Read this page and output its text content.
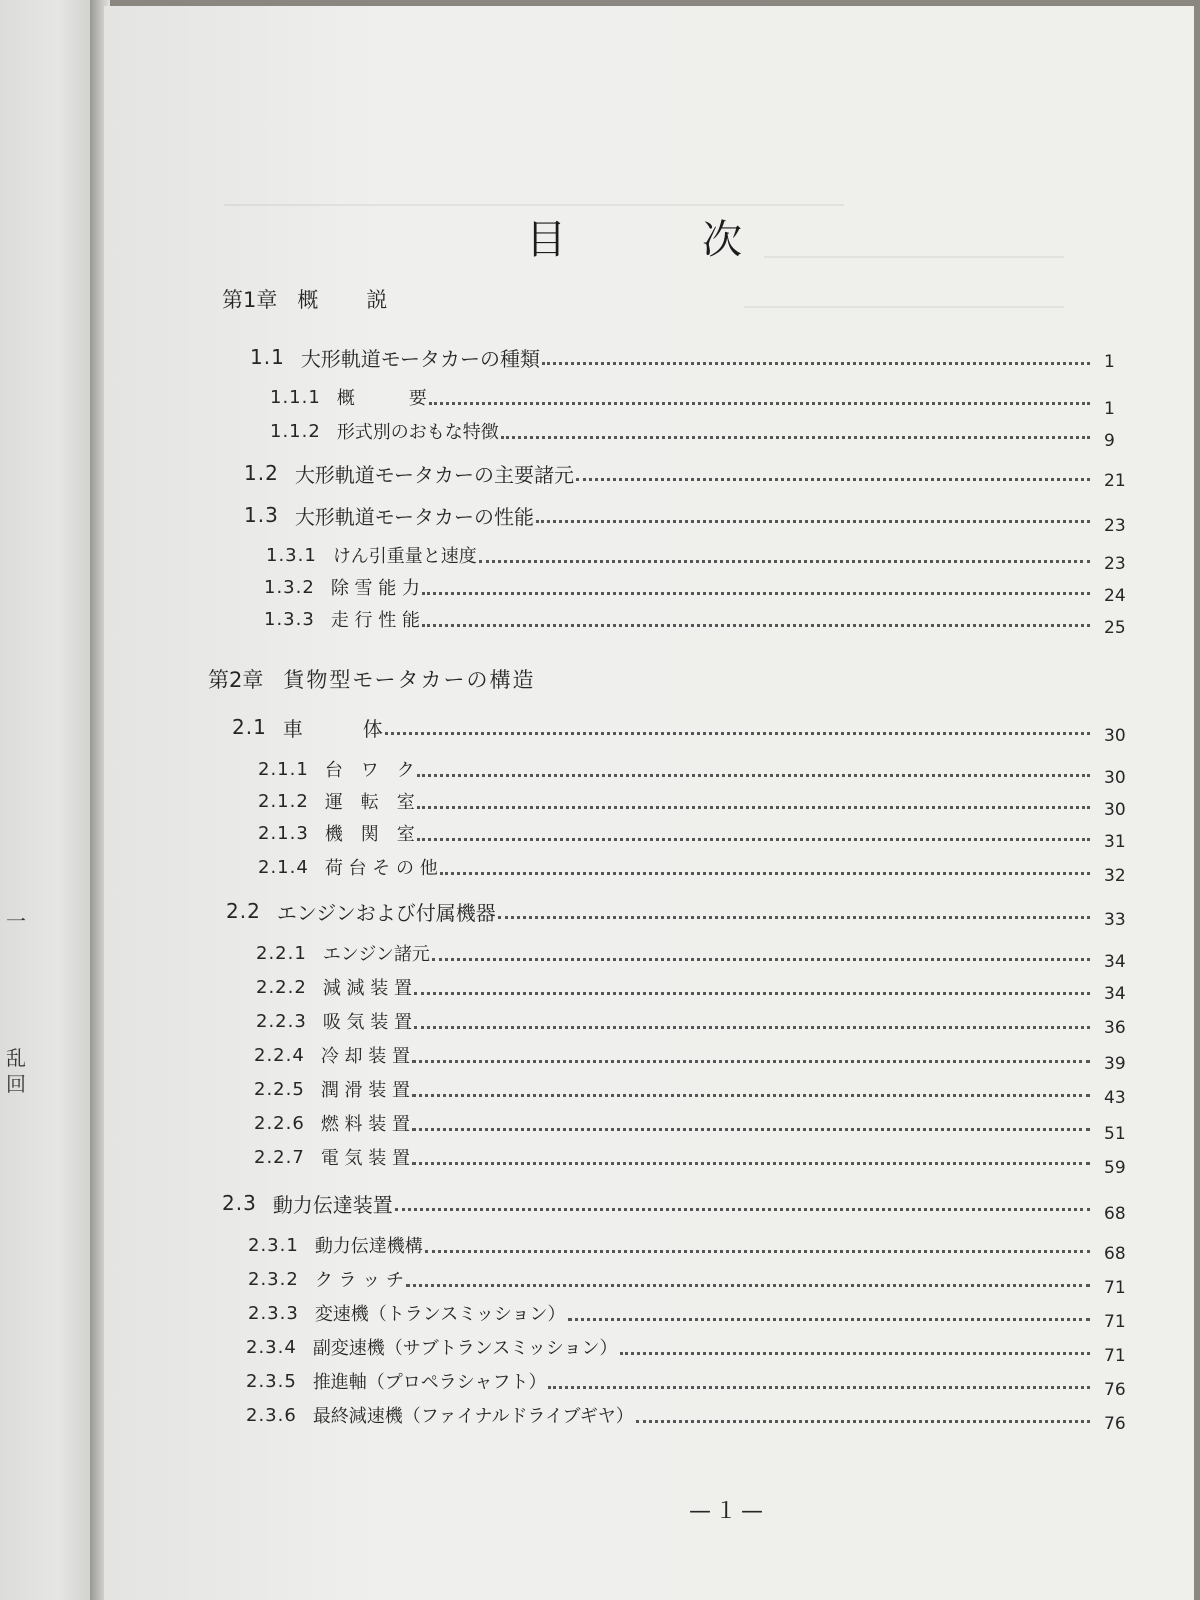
一
乱
回
目	次
第1章 概　　説
1.1 大形軌道モータカーの種類	1
1.1.1 概　　　要	1
1.1.2 形式別のおもな特徴	9
1.2 大形軌道モータカーの主要諸元	21
1.3 大形軌道モータカーの性能	23
1.3.1 けん引重量と速度	23
1.3.2 除 雪 能 力	24
1.3.3 走 行 性 能	25
第2章 貨物型モータカーの構造
2.1 車　　　体	30
2.1.1 台　ワ　ク	30
2.1.2 運　転　室	30
2.1.3 機　関　室	31
2.1.4 荷 台 そ の 他	32
2.2 エンジンおよび付属機器	33
2.2.1 エンジン諸元	34
2.2.2 減 減 装 置	34
2.2.3 吸 気 装 置	36
2.2.4 冷 却 装 置	39
2.2.5 潤 滑 装 置	43
2.2.6 燃 料 装 置	51
2.2.7 電 気 装 置	59
2.3 動力伝達装置	68
2.3.1 動力伝達機構	68
2.3.2 ク ラ ッ チ	71
2.3.3 変速機（トランスミッション）	71
2.3.4 副変速機（サブトランスミッション）	71
2.3.5 推進軸（プロペラシャフト）	76
2.3.6 最終減速機（ファイナルドライブギヤ）	76
—１—
